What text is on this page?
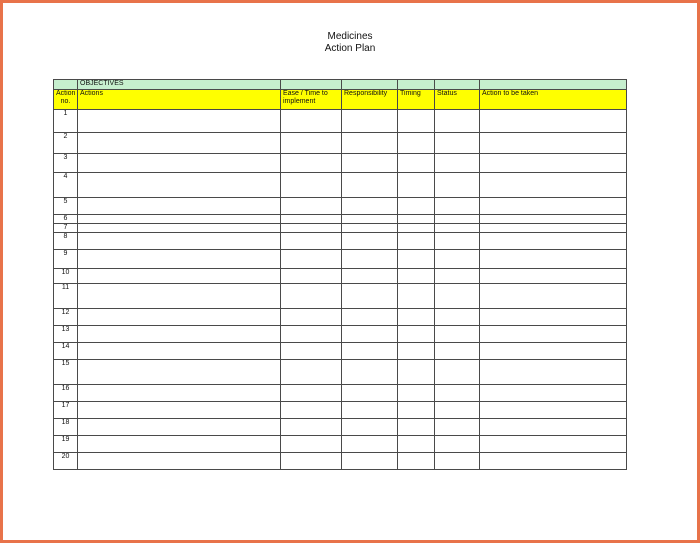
Medicines
Action Plan
	OBJECTIVES					
Action no.	Actions	Ease / Time to implement	Responsibility	Timing	Status	Action to be taken
1						
2						
3						
4						
5						
6						
7						
8						
9						
10						
11						
12						
13						
14						
15						
16						
17						
18						
19						
20						
